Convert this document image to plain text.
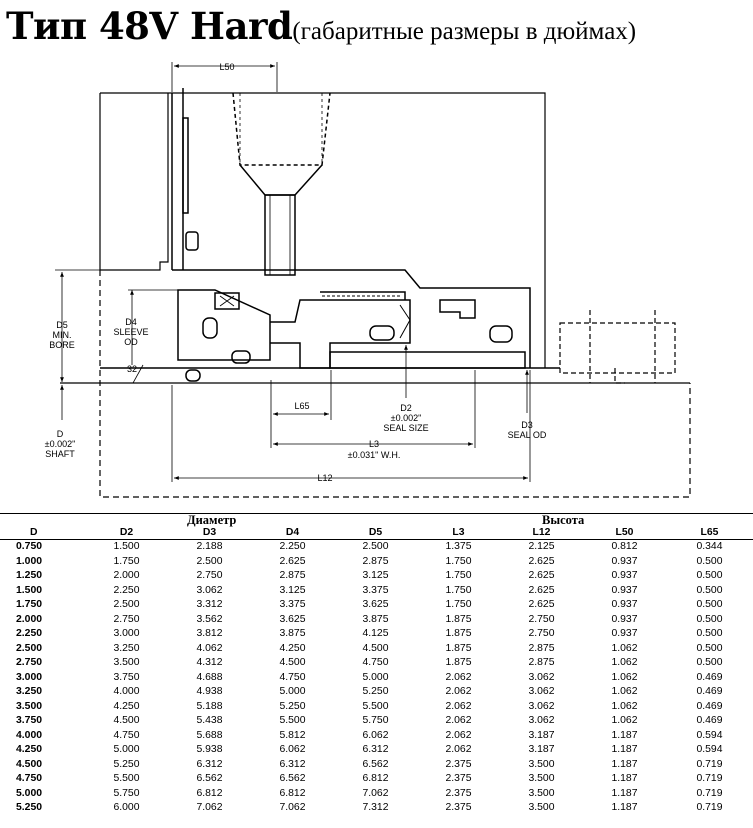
Тип 48V Hard(габаритные размеры в дюймах)
L50
D5
MIN.
BORE
D4
SLEEVE
OD
32
D
±0.002"
SHAFT
L65	D2
±0.002"
SEAL SIZE
L3
±0.031" W.H.
D3
SEAL OD
L12
	Диаметр				Высота			
D	D2	D3	D4	D5	L3	L12	L50	L65
0.750	1.500	2.188	2.250	2.500	1.375	2.125	0.812	0.344
1.000	1.750	2.500	2.625	2.875	1.750	2.625	0.937	0.500
1.250	2.000	2.750	2.875	3.125	1.750	2.625	0.937	0.500
1.500	2.250	3.062	3.125	3.375	1.750	2.625	0.937	0.500
1.750	2.500	3.312	3.375	3.625	1.750	2.625	0.937	0.500
2.000	2.750	3.562	3.625	3.875	1.875	2.750	0.937	0.500
2.250	3.000	3.812	3.875	4.125	1.875	2.750	0.937	0.500
2.500	3.250	4.062	4.250	4.500	1.875	2.875	1.062	0.500
2.750	3.500	4.312	4.500	4.750	1.875	2.875	1.062	0.500
3.000	3.750	4.688	4.750	5.000	2.062	3.062	1.062	0.469
3.250	4.000	4.938	5.000	5.250	2.062	3.062	1.062	0.469
3.500	4.250	5.188	5.250	5.500	2.062	3.062	1.062	0.469
3.750	4.500	5.438	5.500	5.750	2.062	3.062	1.062	0.469
4.000	4.750	5.688	5.812	6.062	2.062	3.187	1.187	0.594
4.250	5.000	5.938	6.062	6.312	2.062	3.187	1.187	0.594
4.500	5.250	6.312	6.312	6.562	2.375	3.500	1.187	0.719
4.750	5.500	6.562	6.562	6.812	2.375	3.500	1.187	0.719
5.000	5.750	6.812	6.812	7.062	2.375	3.500	1.187	0.719
5.250	6.000	7.062	7.062	7.312	2.375	3.500	1.187	0.719
